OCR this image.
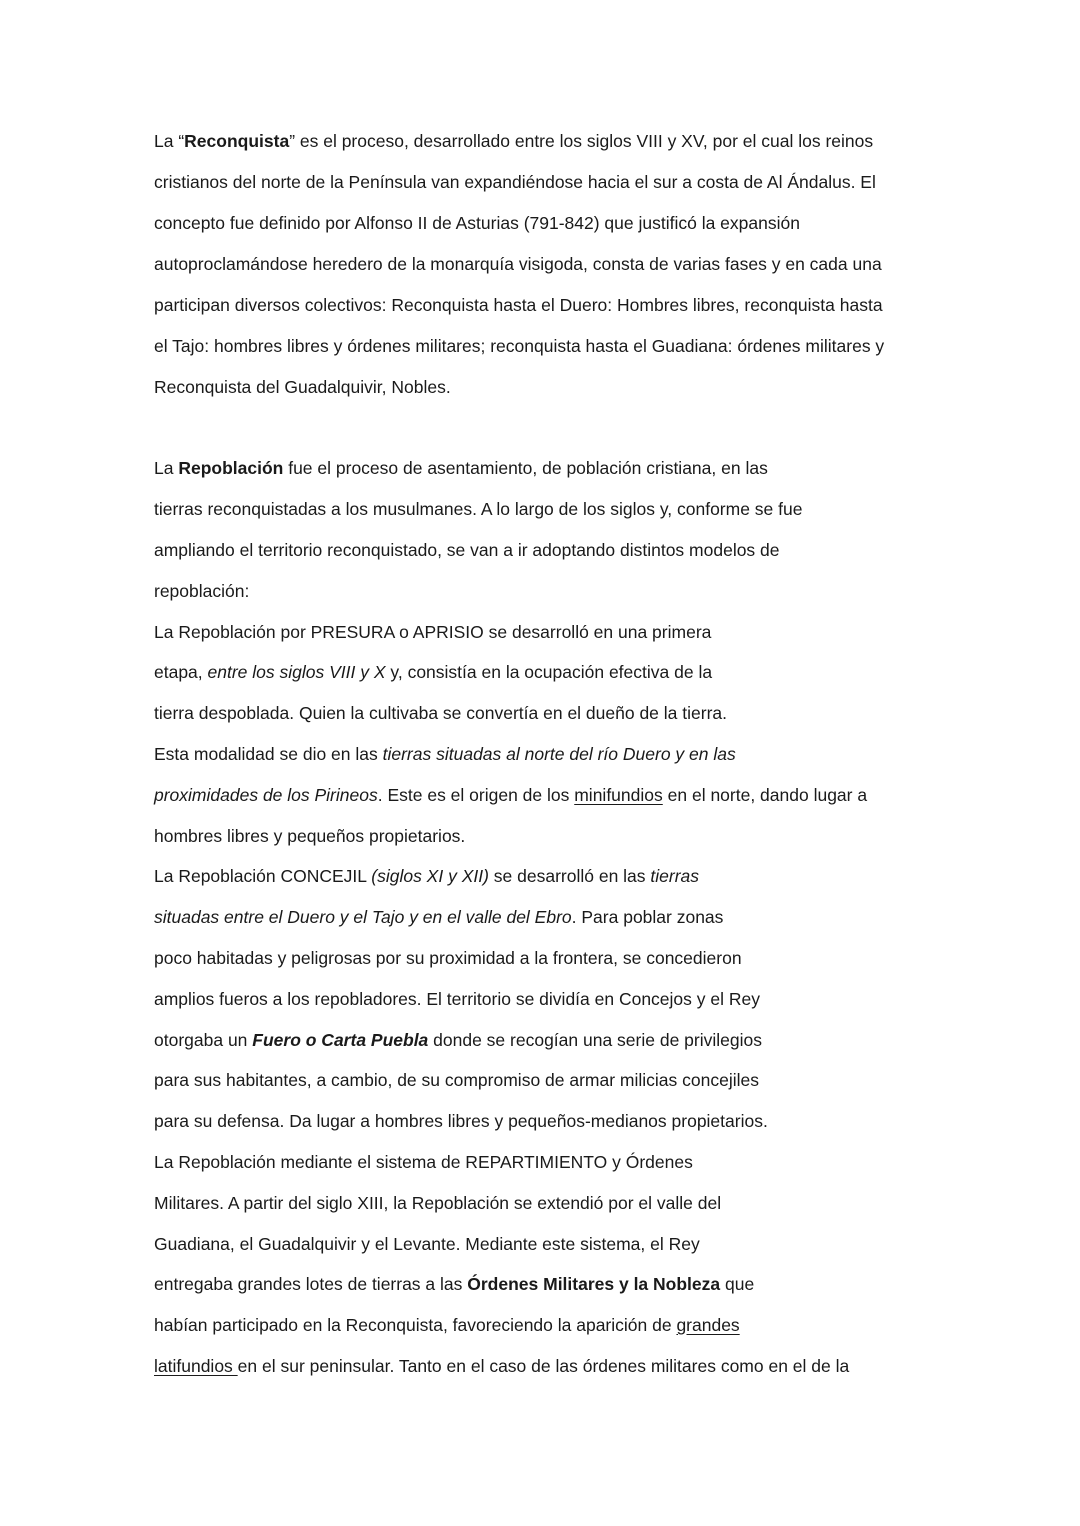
La “Reconquista” es el proceso, desarrollado entre los siglos VIII y XV, por el cual los reinos
cristianos del norte de la Península van expandiéndose hacia el sur a costa de Al Ándalus. El
concepto fue definido por Alfonso II de Asturias (791-842) que justificó la expansión
autoproclamándose heredero de la monarquía visigoda, consta de varias fases y en cada una
participan diversos colectivos: Reconquista hasta el Duero: Hombres libres, reconquista hasta
el Tajo: hombres libres y órdenes militares; reconquista hasta el Guadiana: órdenes militares y
Reconquista del Guadalquivir, Nobles.
La Repoblación fue el proceso de asentamiento, de población cristiana, en las
tierras reconquistadas a los musulmanes. A lo largo de los siglos y, conforme se fue
ampliando el territorio reconquistado, se van a ir adoptando distintos modelos de
repoblación:
La Repoblación por PRESURA o APRISIO se desarrolló en una primera
etapa, entre los siglos VIII y X y, consistía en la ocupación efectiva de la
tierra despoblada. Quien la cultivaba se convertía en el dueño de la tierra.
Esta modalidad se dio en las tierras situadas al norte del río Duero y en las
proximidades de los Pirineos. Este es el origen de los minifundios en el norte, dando lugar a
hombres libres y pequeños propietarios.
La Repoblación CONCEJIL (siglos XI y XII) se desarrolló en las tierras
situadas entre el Duero y el Tajo y en el valle del Ebro. Para poblar zonas
poco habitadas y peligrosas por su proximidad a la frontera, se concedieron
amplios fueros a los repobladores. El territorio se dividía en Concejos y el Rey
otorgaba un Fuero o Carta Puebla donde se recogían una serie de privilegios
para sus habitantes, a cambio, de su compromiso de armar milicias concejiles
para su defensa. Da lugar a hombres libres y pequeños-medianos propietarios.
La Repoblación mediante el sistema de REPARTIMIENTO y Órdenes
Militares. A partir del siglo XIII, la Repoblación se extendió por el valle del
Guadiana, el Guadalquivir y el Levante. Mediante este sistema, el Rey
entregaba grandes lotes de tierras a las Órdenes Militares y la Nobleza que
habían participado en la Reconquista, favoreciendo la aparición de grandes
latifundios en el sur peninsular. Tanto en el caso de las órdenes militares como en el de la
